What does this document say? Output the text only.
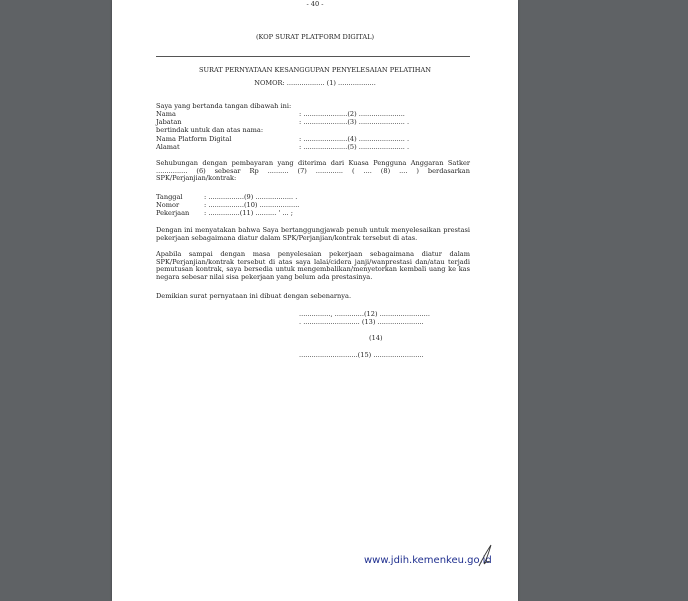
- 40 -
(KOP SURAT PLATFORM DIGITAL)
SURAT PERNYATAAN KESANGGUPAN PENYELESAIAN PELATIHAN
NOMOR: .................. (1) ..................
Saya yang bertanda tangan dibawah ini:
Nama	: .....................(2) ......................
Jabatan	: .....................(3) ...................... .
bertindak untuk dan atas nama:
Nama Platform Digital	: .....................(4) ...................... .
Alamat	: .....................(5) ...................... .
Sehubungan dengan pembayaran yang diterima dari Kuasa Pengguna Anggaran Satker ............... (6) sebesar Rp .......... (7) ............. ( .... (8) .... ) berdasarkan SPK/Perjanjian/kontrak:
Tanggal	: .................(9) .................. .
Nomor	: .................(10) ...................
Pekerjaan : ...............(11) .......... ' ... ;
Dengan ini menyatakan bahwa Saya bertanggungjawab penuh untuk menyelesaikan prestasi pekerjaan sebagaimana diatur dalam SPK/Perjanjian/kontrak tersebut di atas.
Apabila sampai dengan masa penyelesaian pekerjaan sebagaimana diatur dalam SPK/Perjanjian/kontrak tersebut di atas saya lalai/cidera janji/wanprestasi dan/atau terjadi pemutusan kontrak, saya bersedia untuk mengembalikan/menyetorkan kembali uang ke kas negara sebesar nilai sisa pekerjaan yang belum ada prestasinya.
Demikian surat pernyataan ini dibuat dengan sebenarnya.
..............., ..............(12) ........................
. ........................... (13) ......................
(14)
............................(15) ........................
www.jdih.kemenkeu.go.id
